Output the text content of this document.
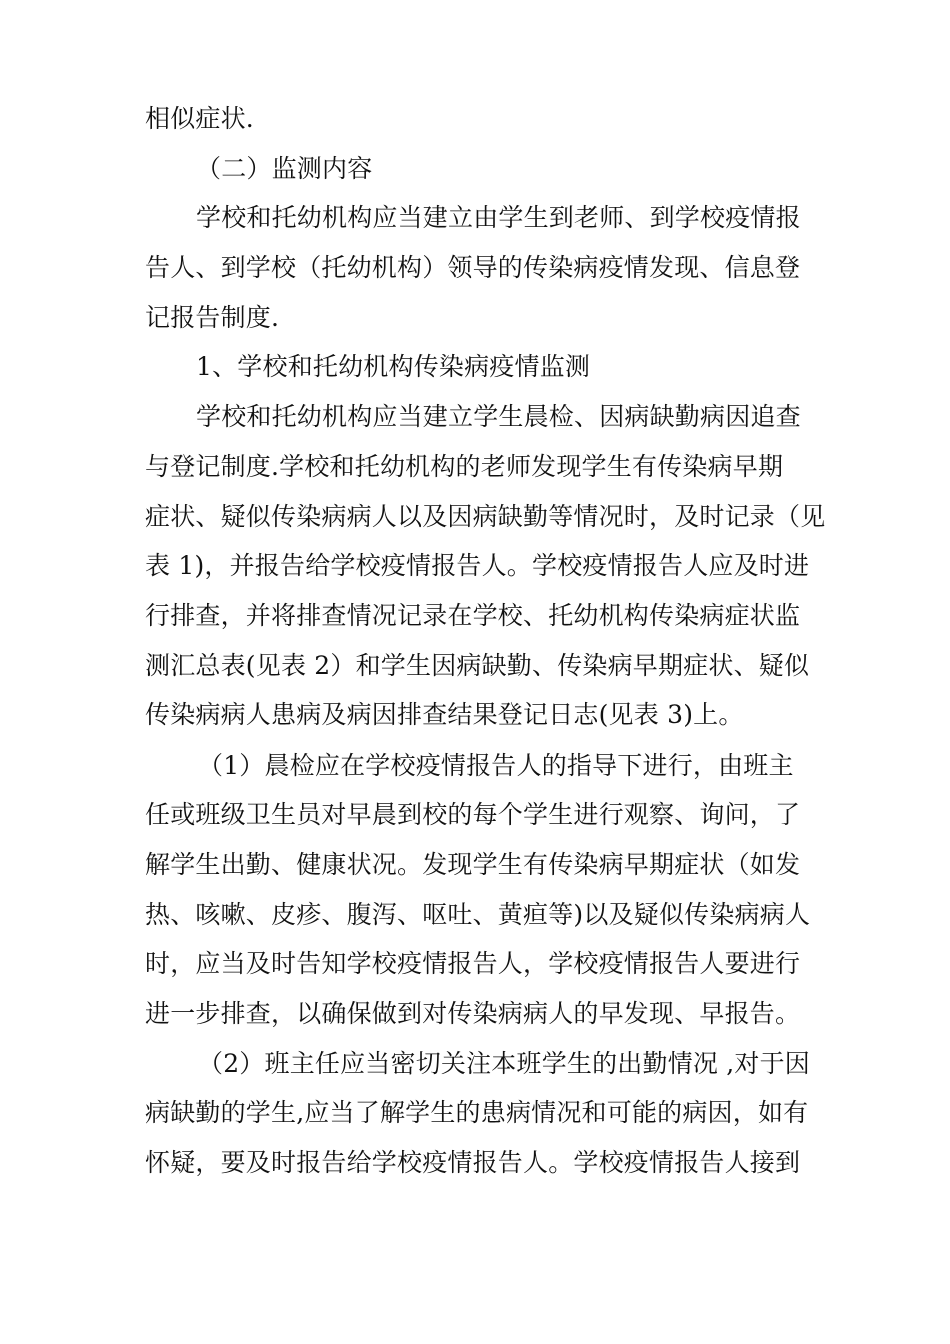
相似症状.
（二）监测内容
学校和托幼机构应当建立由学生到老师、到学校疫情报
告人、到学校（托幼机构）领导的传染病疫情发现、信息登
记报告制度.
1、学校和托幼机构传染病疫情监测
学校和托幼机构应当建立学生晨检、因病缺勤病因追查
与登记制度.学校和托幼机构的老师发现学生有传染病早期
症状、疑似传染病病人以及因病缺勤等情况时，及时记录（见
表 1)，并报告给学校疫情报告人。学校疫情报告人应及时进
行排查，并将排查情况记录在学校、托幼机构传染病症状监
测汇总表(见表 2）和学生因病缺勤、传染病早期症状、疑似
传染病病人患病及病因排查结果登记日志(见表 3)上。
（1）晨检应在学校疫情报告人的指导下进行，由班主
任或班级卫生员对早晨到校的每个学生进行观察、询问，了
解学生出勤、健康状况。发现学生有传染病早期症状（如发
热、咳嗽、皮疹、腹泻、呕吐、黄疸等)以及疑似传染病病人
时，应当及时告知学校疫情报告人，学校疫情报告人要进行
进一步排查，以确保做到对传染病病人的早发现、早报告。
（2）班主任应当密切关注本班学生的出勤情况 ,对于因
病缺勤的学生,应当了解学生的患病情况和可能的病因，如有
怀疑，要及时报告给学校疫情报告人。学校疫情报告人接到
